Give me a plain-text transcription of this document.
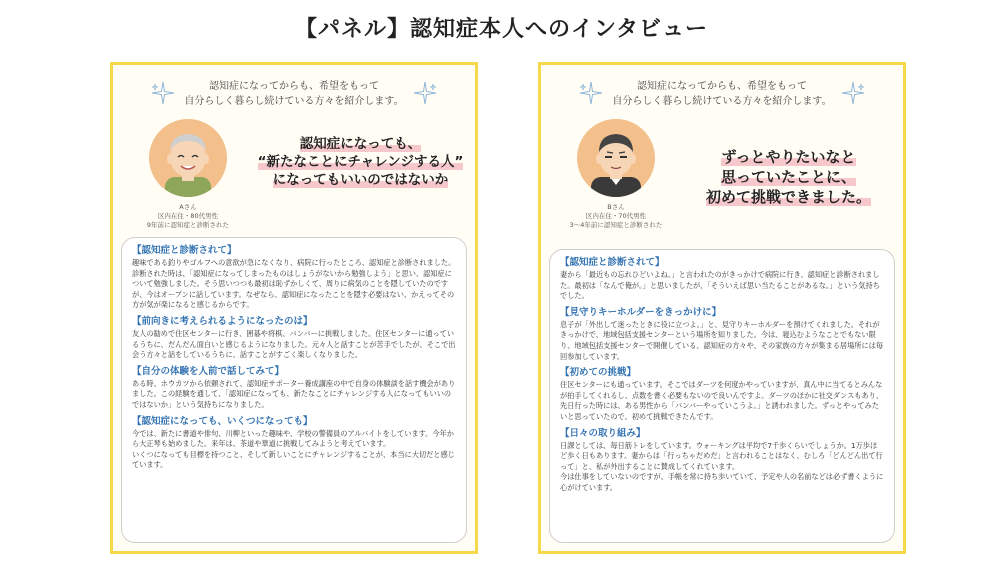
【パネル】認知症本人へのインタビュー
認知症になってからも、希望をもって
自分らしく暮らし続けている方々を紹介します。
Aさん
区内在住・80代男性
9年前に認知症と診断された
認知症になっても、
“新たなことにチャレンジする人”
になってもいいのではないか
【認知症と診断されて】
趣味である釣りやゴルフへの意欲が急になくなり、病院に行ったところ、認知症と診断されました。診断された時は、「認知症になってしまったものはしょうがないから勉強しよう」と思い、認知症について勉強しました。そう思いつつも最初は恥ずかしくて、周りに病気のことを隠していたのですが、今はオープンに話しています。なぜなら、認知症になったことを隠す必要はない、かえってその方が気が楽になると感じるからです。
【前向きに考えられるようになったのは】
友人の勧めで住区センターに行き、囲碁や将棋、バンバーに挑戦しました。住区センターに通っているうちに、だんだん面白いと感じるようになりました。元々人と話すことが苦手でしたが、そこで出会う方々と話をしているうちに、話すことがすごく楽しくなりました。
【自分の体験を人前で話してみて】
ある時、ホウカツから依頼されて、認知症サポーター養成講座の中で自身の体験談を話す機会がありました。この経験を通して、「認知症になっても、新たなことにチャレンジする人になってもいいのではないか」という気持ちになりました。
【認知症になっても、いくつになっても】

今では、新たに書道や俳句、川柳といった趣味や、学校の警備員のアルバイトをしています。今年から大正琴も始めました。来年は、茶道や華道に挑戦してみようと考えています。

いくつになっても目標を持つこと、そして新しいことにチャレンジすることが、本当に大切だと感じています。

認知症になってからも、希望をもって
自分らしく暮らし続けている方々を紹介します。
Bさん
区内在住・70代男性
3～4年前に認知症と診断された
ずっとやりたいなと
思っていたことに、
初めて挑戦できました。
【認知症と診断されて】
妻から「最近もの忘れひどいよね。」と言われたのがきっかけで病院に行き、認知症と診断されました。最初は「なんで俺が。」と思いましたが、「そういえば思い当たることがあるな。」という気持ちでした。
【見守りキーホルダーをきっかけに】
息子が「外出して迷ったときに役に立つよ。」と、見守りキーホルダーを預けてくれました。それがきっかけで、地域包括支援センターという場所を知りました。今は、寝込むようなことでもない限り、地域包括支援センターで開催している、認知症の方々や、その家族の方々が集まる居場所には毎回参加しています。
【初めての挑戦】
住区センターにも通っています。そこではダーツを何度かやっていますが、真ん中に当てるとみんなが拍手してくれるし、点数を書く必要もないので良いんですよ。ダーツのほかに社交ダンスもあり、先日行った時には、ある男性から「バンバーやっていこうよ。」と誘われました。ずっとやってみたいと思っていたので、初めて挑戦できたんです。
【日々の取り組み】

日課としては、毎日筋トレをしています。ウォーキングは平均で7千歩くらいでしょうか。1万歩ほど歩く日もあります。妻からは「行っちゃだめだ」と言われることはなく、むしろ「どんどん出て行って」と、私が外出することに賛成してくれています。

今は仕事をしていないのですが、手帳を常に持ち歩いていて、予定や人の名前などは必ず書くように心がけています。
